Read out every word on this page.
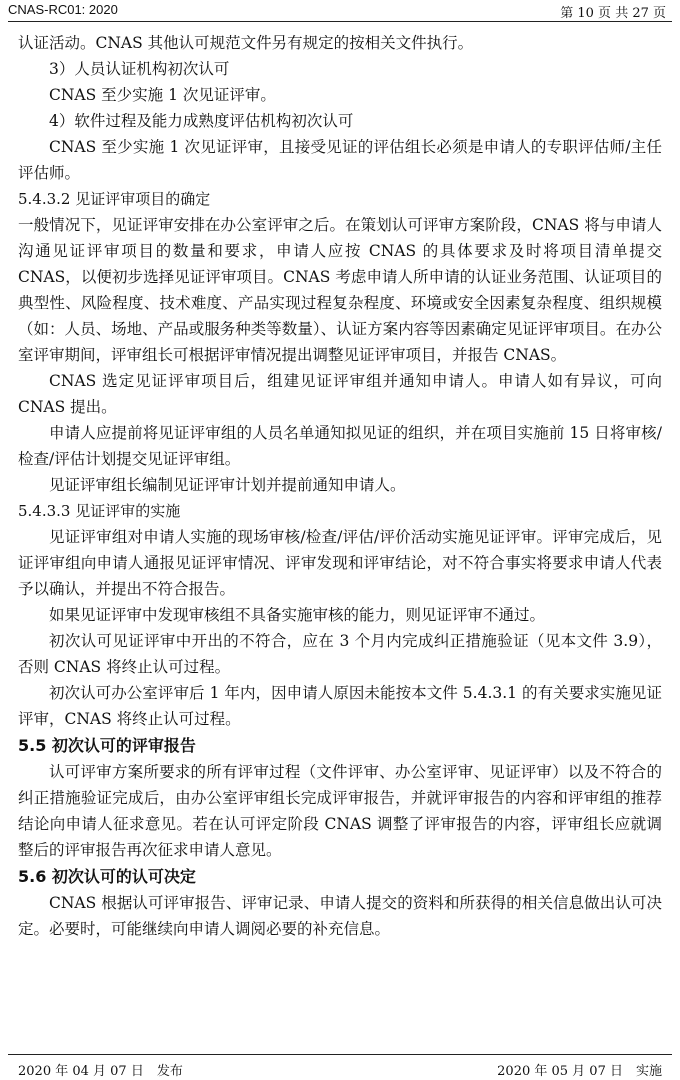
CNAS-RC01: 2020	第 10 页 共 27 页

认证活动。CNAS 其他认可规范文件另有规定的按相关文件执行。

3）人员认证机构初次认可

CNAS 至少实施 1 次见证评审。

4）软件过程及能力成熟度评估机构初次认可

CNAS 至少实施 1 次见证评审，且接受见证的评估组长必须是申请人的专职评估师/主任评估师。

5.4.3.2 见证评审项目的确定

一般情况下，见证评审安排在办公室评审之后。在策划认可评审方案阶段，CNAS 将与申请人沟通见证评审项目的数量和要求，申请人应按 CNAS 的具体要求及时将项目清单提交 CNAS，以便初步选择见证评审项目。CNAS 考虑申请人所申请的认证业务范围、认证项目的典型性、风险程度、技术难度、产品实现过程复杂程度、环境或安全因素复杂程度、组织规模（如：人员、场地、产品或服务种类等数量）、认证方案内容等因素确定见证评审项目。在办公室评审期间，评审组长可根据评审情况提出调整见证评审项目，并报告 CNAS。

CNAS 选定见证评审项目后，组建见证评审组并通知申请人。申请人如有异议，可向 CNAS 提出。

申请人应提前将见证评审组的人员名单通知拟见证的组织，并在项目实施前 15 日将审核/检查/评估计划提交见证评审组。

见证评审组长编制见证评审计划并提前通知申请人。

5.4.3.3 见证评审的实施

见证评审组对申请人实施的现场审核/检查/评估/评价活动实施见证评审。评审完成后，见证评审组向申请人通报见证评审情况、评审发现和评审结论，对不符合事实将要求申请人代表予以确认，并提出不符合报告。

如果见证评审中发现审核组不具备实施审核的能力，则见证评审不通过。

初次认可见证评审中开出的不符合，应在 3 个月内完成纠正措施验证（见本文件 3.9），否则 CNAS 将终止认可过程。

初次认可办公室评审后 1 年内，因申请人原因未能按本文件 5.4.3.1 的有关要求实施见证评审，CNAS 将终止认可过程。

5.5 初次认可的评审报告

认可评审方案所要求的所有评审过程（文件评审、办公室评审、见证评审）以及不符合的纠正措施验证完成后，由办公室评审组长完成评审报告，并就评审报告的内容和评审组的推荐结论向申请人征求意见。若在认可评定阶段 CNAS 调整了评审报告的内容，评审组长应就调整后的评审报告再次征求申请人意见。

5.6 初次认可的认可决定

CNAS 根据认可评审报告、评审记录、申请人提交的资料和所获得的相关信息做出认可决定。必要时，可能继续向申请人调阅必要的补充信息。

2020 年 04 月 07 日　发布	2020 年 05 月 07 日　实施
